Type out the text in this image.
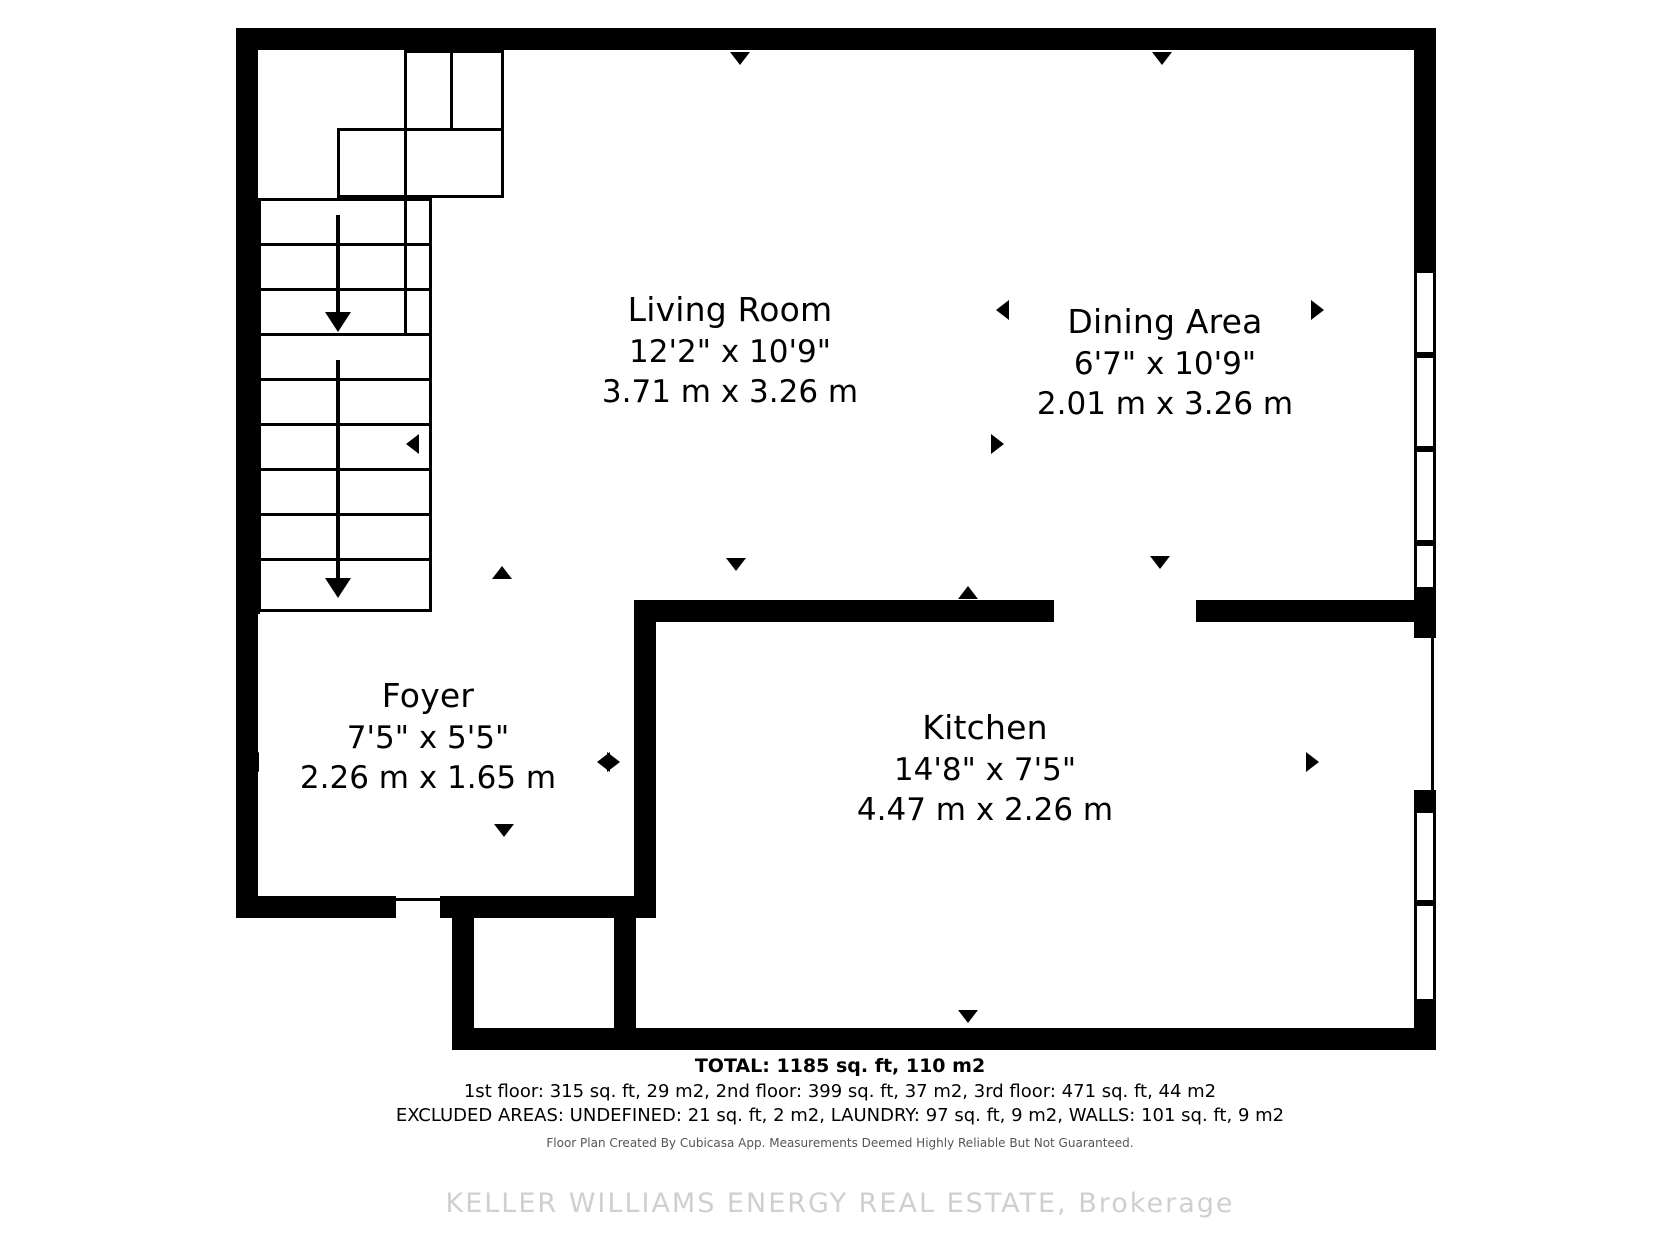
Living Room
12'2" x 10'9"
3.71 m x 3.26 m
Dining Area
6'7" x 10'9"
2.01 m x 3.26 m
Foyer
7'5" x 5'5"
2.26 m x 1.65 m
Kitchen
14'8" x 7'5"
4.47 m x 2.26 m
TOTAL: 1185 sq. ft, 110 m2
1st floor: 315 sq. ft, 29 m2, 2nd floor: 399 sq. ft, 37 m2, 3rd floor: 471 sq. ft, 44 m2
EXCLUDED AREAS: UNDEFINED: 21 sq. ft, 2 m2, LAUNDRY: 97 sq. ft, 9 m2, WALLS: 101 sq. ft, 9 m2
Floor Plan Created By Cubicasa App. Measurements Deemed Highly Reliable But Not Guaranteed.
KELLER WILLIAMS ENERGY REAL ESTATE, Brokerage
